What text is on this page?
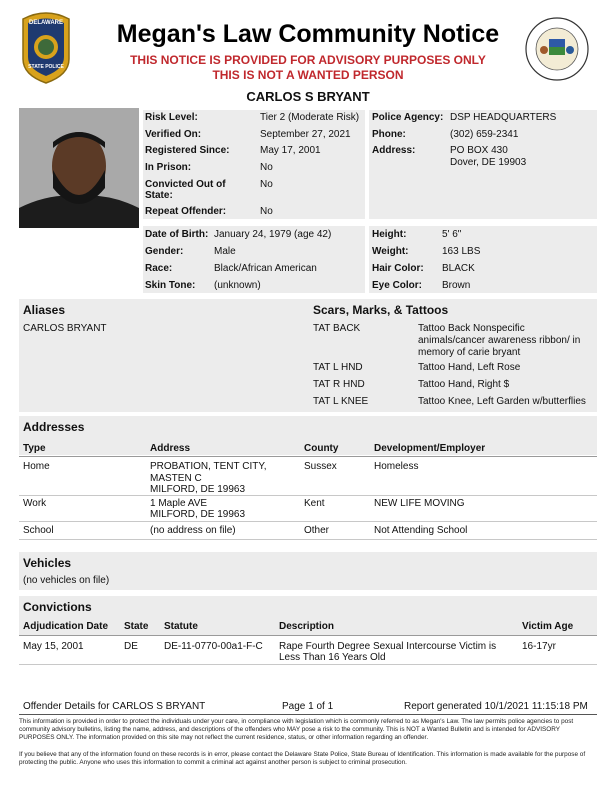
DELAWARE
STATE POLICE
Megan's Law Community Notice
THIS NOTICE IS PROVIDED FOR ADVISORY PURPOSES ONLY
THIS IS NOT A WANTED PERSON
CARLOS S BRYANT
Risk Level:	Tier 2 (Moderate Risk)
Verified On:	September 27, 2021
Registered Since:	May 17, 2001
In Prison:	No
Convicted Out of
State:
No
Repeat Offender:	No
Police Agency: DSP HEADQUARTERS
Phone:	(302) 659-2341
Address:	PO BOX 430
Dover, DE 19903
Date of Birth: January 24, 1979 (age 42)
Gender:	Male
Race:	Black/African American
Skin Tone: (unknown)
Height:	5' 6"
Weight:	163 LBS
Hair Color: BLACK
Eye Color: Brown
Aliases
CARLOS BRYANT
Scars, Marks, & Tattoos
TAT BACK	Tattoo Back Nonspecific
animals/cancer awareness ribbon/ in
memory of carie bryant
TAT L HND	Tattoo Hand, Left Rose
TAT R HND	Tattoo Hand, Right $
TAT L KNEE	Tattoo Knee, Left Garden w/butterflies
Addresses
Type	Address	County	Development/Employer
Home	PROBATION, TENT CITY,
MASTEN C
MILFORD, DE 19963
Sussex	Homeless
Work	1 Maple AVE
MILFORD, DE 19963
Kent	NEW LIFE MOVING
School	(no address on file)	Other	Not Attending School
Vehicles
(no vehicles on file)
Convictions
Adjudication Date State Statute	Description	Victim Age
May 15, 2001	DE	DE-11-0770-00a1-F-C Rape Fourth Degree Sexual Intercourse Victim is
Less Than 16 Years Old
16-17yr
Offender Details for CARLOS S BRYANT	Page 1 of 1	Report generated 10/1/2021 11:15:18 PM
This information is provided in order to protect the individuals under your care, in compliance with legislation which is commonly referred to as Megan's Law. The law permits police agencies to post community advisory bulletins, listing the name, address, and descriptions of the offenders who MAY pose a risk to the community. This is NOT a Wanted Bulletin and is intended for ADVISORY PURPOSES ONLY. The information provided on this site may not reflect the current residence, status, or other information regarding an offender.
If you believe that any of the information found on these records is in error, please contact the Delaware State Police, State Bureau of Identification. This information is made available for the purpose of protecting the public. Anyone who uses this information to commit a criminal act against another person is subject to criminal prosecution.
